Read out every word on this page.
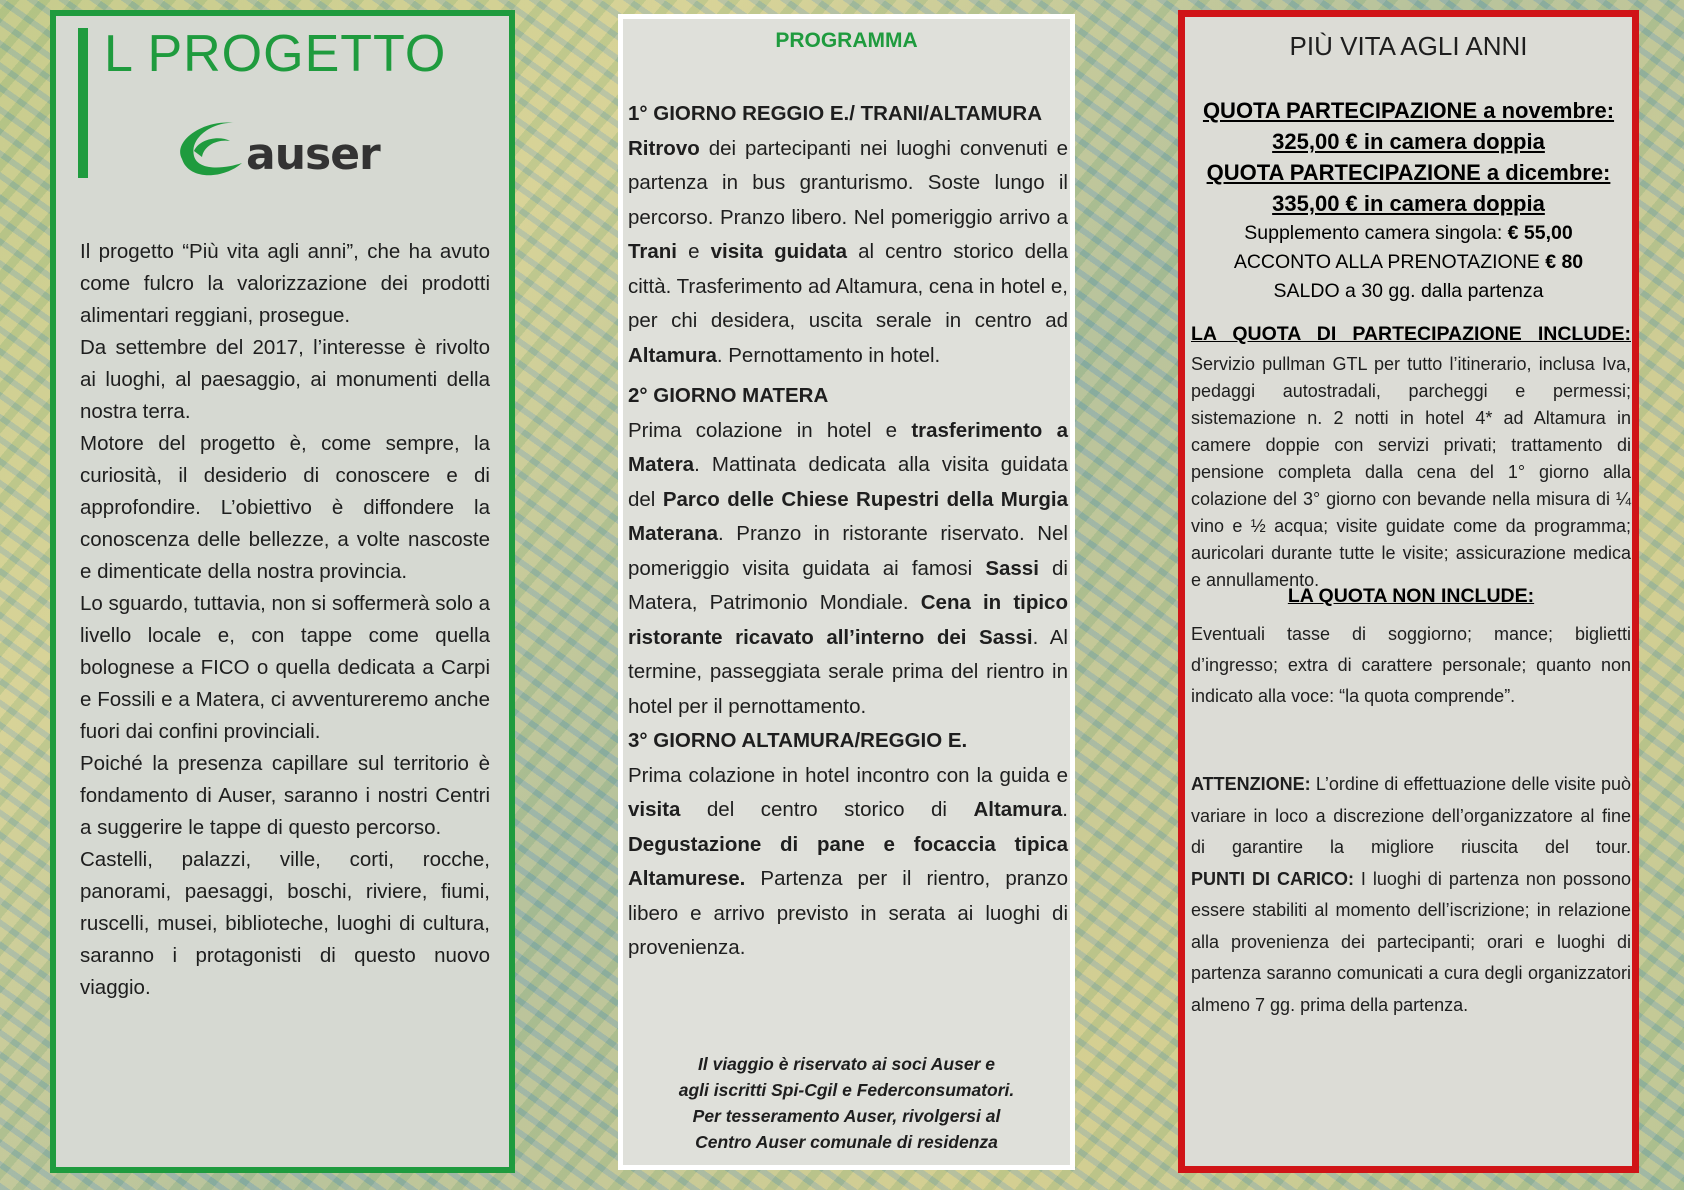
L PROGETTO
auser

Il progetto “Più vita agli anni”, che ha avuto come fulcro la valorizzazione dei prodotti alimentari reggiani, prosegue.

Da settembre del 2017, l’interesse è rivolto ai luoghi, al paesaggio, ai monumenti della nostra terra.

Motore del progetto è, come sempre, la curiosità, il desiderio di conoscere e di approfondire. L’obiettivo è diffondere la conoscenza delle bellezze, a volte nascoste e dimenticate della nostra provincia.

Lo sguardo, tuttavia, non si soffermerà solo a livello locale e, con tappe come quella bolognese a FICO o quella dedicata a Carpi e Fossili e a Matera, ci avventureremo anche fuori dai confini provinciali.

Poiché la presenza capillare sul territorio è fondamento di Auser, saranno i nostri Centri a suggerire le tappe di questo percorso.

Castelli, palazzi, ville, corti, rocche, panorami, paesaggi, boschi, riviere, fiumi, ruscelli, musei, biblioteche, luoghi di cultura, saranno i protagonisti di questo nuovo viaggio.

PROGRAMMA

1° GIORNO REGGIO E./ TRANI/ALTAMURA

Ritrovo dei partecipanti nei luoghi convenuti e partenza in bus granturismo. Soste lungo il percorso. Pranzo libero. Nel pomeriggio arrivo a Trani e visita guidata al centro storico della città. Trasferimento ad Altamura, cena in hotel e, per chi desidera, uscita serale in centro ad Altamura. Pernottamento in hotel.

2° GIORNO MATERA

Prima colazione in hotel e trasferimento a Matera. Mattinata dedicata alla visita guidata del Parco delle Chiese Rupestri della Murgia Materana. Pranzo in ristorante riservato. Nel pomeriggio visita guidata ai famosi Sassi di Matera, Patrimonio Mondiale. Cena in tipico ristorante ricavato all’interno dei Sassi. Al termine, passeggiata serale prima del rientro in hotel per il pernottamento.

3° GIORNO ALTAMURA/REGGIO E.

Prima colazione in hotel incontro con la guida e visita del centro storico di Altamura. Degustazione di pane e focaccia tipica Altamurese. Partenza per il rientro, pranzo libero e arrivo previsto in serata ai luoghi di provenienza.

Il viaggio è riservato ai soci Auser e
agli iscritti Spi-Cgil e Federconsumatori.
Per tesseramento Auser, rivolgersi al
Centro Auser comunale di residenza
PIÙ VITA AGLI ANNI
QUOTA PARTECIPAZIONE a novembre:
325,00 € in camera doppia
QUOTA PARTECIPAZIONE a dicembre:
335,00 € in camera doppia
Supplemento camera singola: € 55,00
ACCONTO ALLA PRENOTAZIONE € 80
SALDO a 30 gg. dalla partenza
LA QUOTA DI PARTECIPAZIONE INCLUDE:
Servizio pullman GTL per tutto l’itinerario, inclusa Iva, pedaggi autostradali, parcheggi e permessi; sistemazione n. 2 notti in hotel 4* ad Altamura in camere doppie con servizi privati; trattamento di pensione completa dalla cena del 1° giorno alla colazione del 3° giorno con bevande nella misura di ¼ vino e ½ acqua; visite guidate come da programma; auricolari durante tutte le visite; assicurazione medica e annullamento.
LA QUOTA NON INCLUDE:
Eventuali tasse di soggiorno; mance; biglietti d’ingresso; extra di carattere personale; quanto non indicato alla voce: “la quota comprende”.

ATTENZIONE: L’ordine di effettuazione delle visite può variare in loco a discrezione dell’organizzatore al fine di garantire la migliore riuscita del tour.

PUNTI DI CARICO: I luoghi di partenza non possono essere stabiliti al momento dell’iscrizione; in relazione alla provenienza dei partecipanti; orari e luoghi di partenza saranno comunicati a cura degli organizzatori almeno 7 gg. prima della partenza.
